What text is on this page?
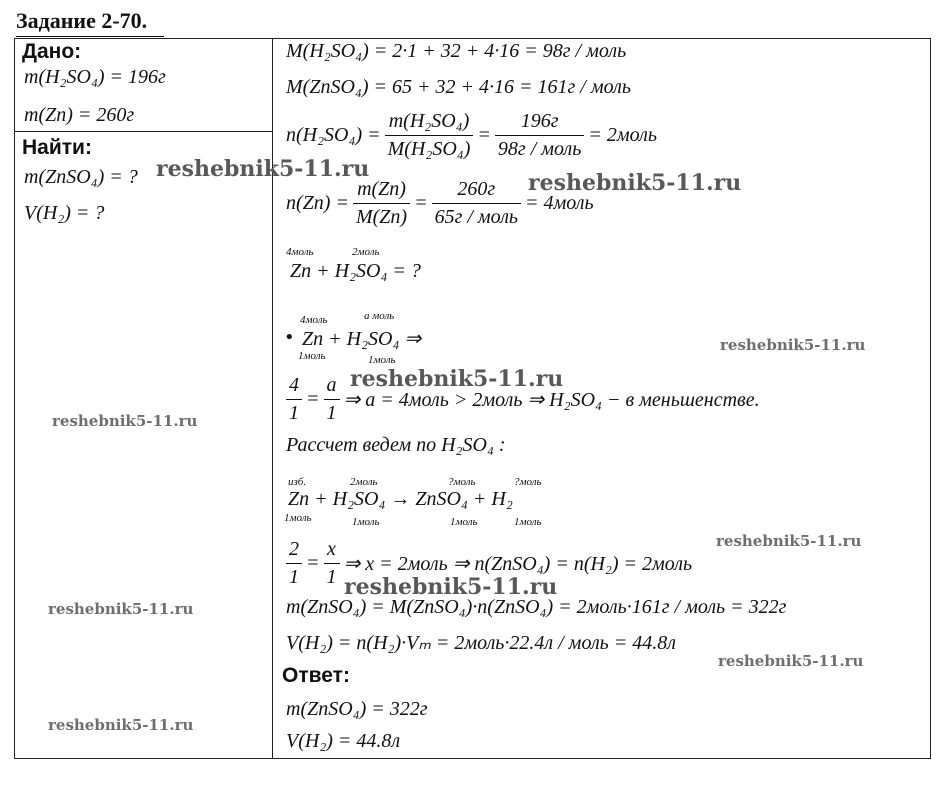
Задание 2-70.
Дано:
m(H₂SO₄) = 196г
m(Zn) = 260г
Найти:
m(ZnSO₄) = ?
V(H₂) = ?
M(H₂SO₄) = 2·1 + 32 + 4·16 = 98г / моль
M(ZnSO₄) = 65 + 32 + 4·16 = 161г / моль
$n(H_2SO_4) = \frac{\text{m(H₂SO₄)}}{\text{M(H₂SO₄)}} = \frac{196г}{\text{98г / моль}}$ = 2моль
$n(Zn) = \frac{m(Zn)}{M(Zn)} = \frac{260г}{\text{65г / моль}}$ = 4моль
4моль	2моль
Zn + H₂SO₄ = ?
4моль	а моль
• Zn + H₂SO₄ ⇒
1моль	1моль
$\frac{4}{1} = \frac{а}{1}$ ⇒ а = 4моль > 2моль ⇒ H₂SO₄ − в меньшенстве.
Рассчет ведем по H₂SO₄ :
изб.	2моль	?моль	?моль
Zn + H₂SO₄ → ZnSO₄ + H₂
1моль	1моль	1моль	1моль
$\frac{2}{1} = \frac{x}{1}$ ⇒ x = 2моль ⇒ n(ZnSO₄) = n(H₂) = 2моль
m(ZnSO₄) = M(ZnSO₄)·n(ZnSO₄) = 2моль·161г / моль = 322г
V(H₂) = n(H₂)·Vₘ = 2моль·22.4л / моль = 44.8л
Ответ:
m(ZnSO₄) = 322г
V(H₂) = 44.8л
reshebnik5-11.ru
reshebnik5-11.ru
reshebnik5-11.ru
reshebnik5-11.ru
reshebnik5-11.ru
reshebnik5-11.ru
reshebnik5-11.ru
reshebnik5-11.ru
reshebnik5-11.ru
reshebnik5-11.ru
